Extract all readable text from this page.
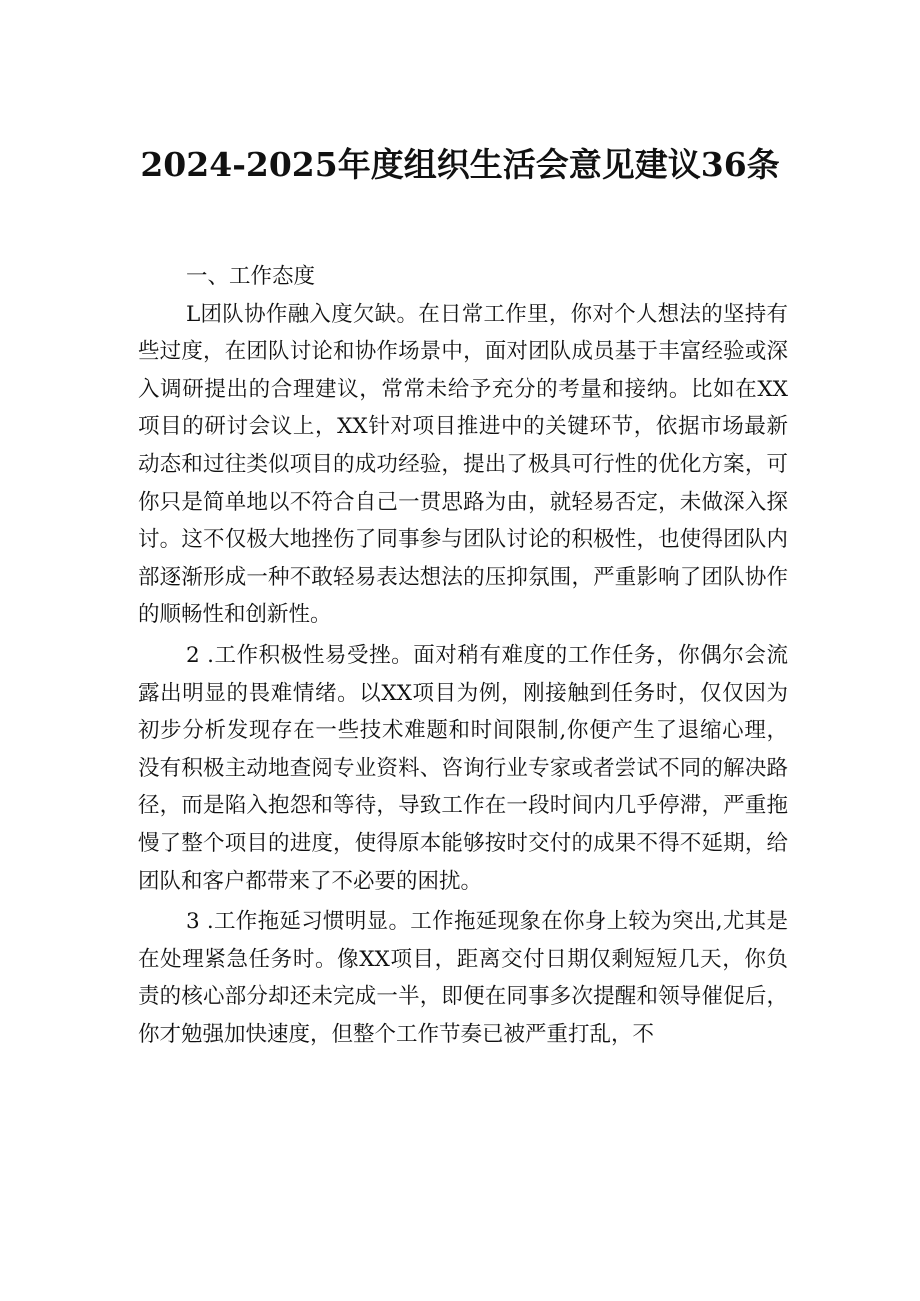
2024-2025年度组织生活会意见建议36条
一、工作态度

L团队协作融入度欠缺。在日常工作里，你对个人想法的坚持有些过度，在团队讨论和协作场景中，面对团队成员基于丰富经验或深入调研提出的合理建议，常常未给予充分的考量和接纳。比如在XX项目的研讨会议上，XX针对项目推进中的关键环节，依据市场最新动态和过往类似项目的成功经验，提出了极具可行性的优化方案，可你只是简单地以不符合自己一贯思路为由，就轻易否定，未做深入探讨。这不仅极大地挫伤了同事参与团队讨论的积极性，也使得团队内部逐渐形成一种不敢轻易表达想法的压抑氛围，严重影响了团队协作的顺畅性和创新性。

2 .工作积极性易受挫。面对稍有难度的工作任务，你偶尔会流露出明显的畏难情绪。以XX项目为例，刚接触到任务时，仅仅因为初步分析发现存在一些技术难题和时间限制,你便产生了退缩心理，没有积极主动地查阅专业资料、咨询行业专家或者尝试不同的解决路径，而是陷入抱怨和等待，导致工作在一段时间内几乎停滞，严重拖慢了整个项目的进度，使得原本能够按时交付的成果不得不延期，给团队和客户都带来了不必要的困扰。

3 .工作拖延习惯明显。工作拖延现象在你身上较为突出,尤其是在处理紧急任务时。像XX项目，距离交付日期仅剩短短几天，你负责的核心部分却还未完成一半，即便在同事多次提醒和领导催促后，你才勉强加快速度，但整个工作节奏已被严重打乱，不
